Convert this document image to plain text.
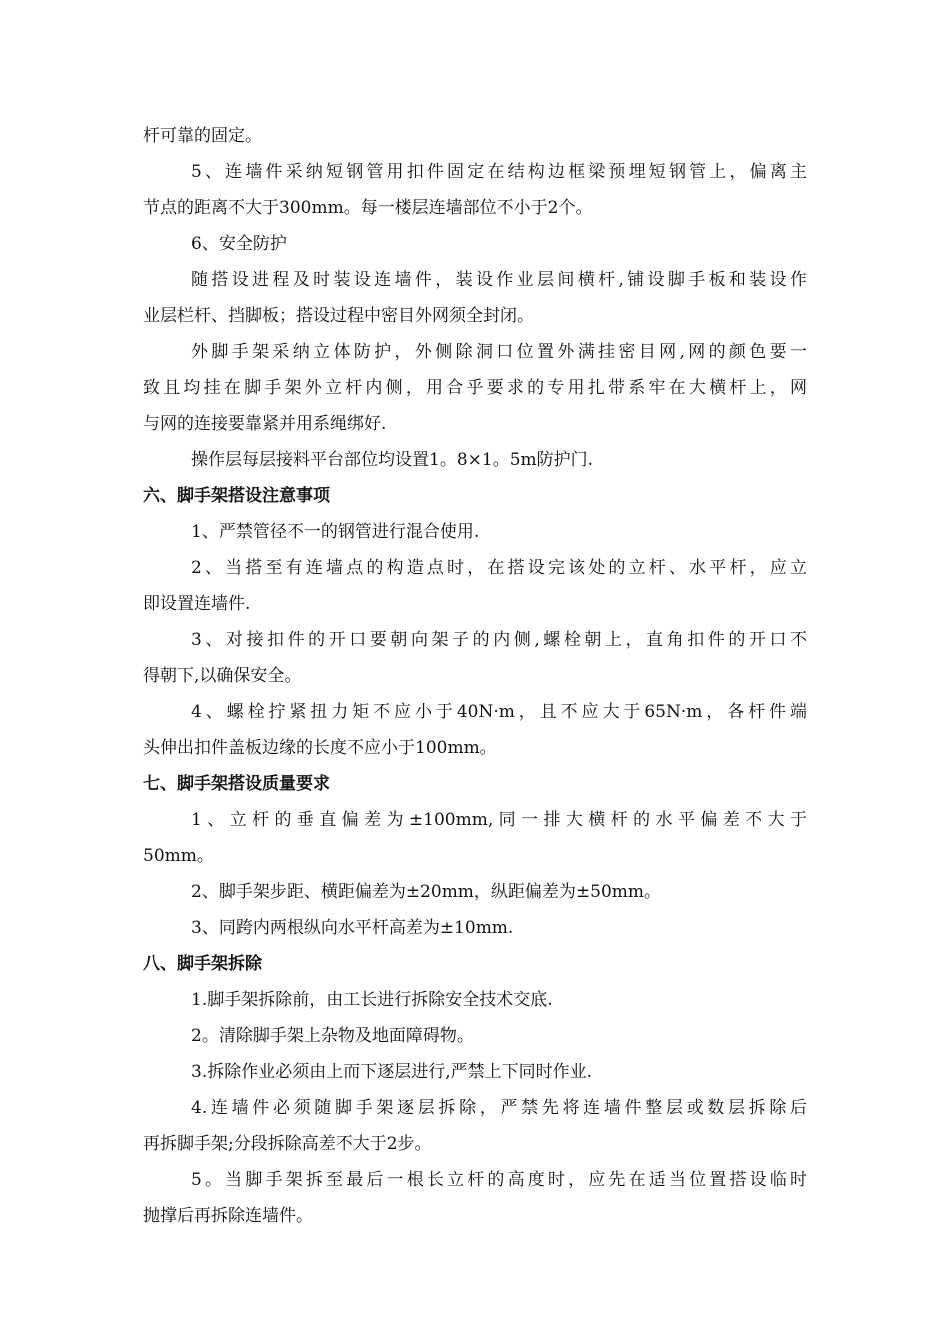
杆可靠的固定。
5、连墙件采纳短钢管用扣件固定在结构边框梁预埋短钢管上，偏离主
节点的距离不大于300mm。每一楼层连墙部位不小于2个。
6、安全防护
随搭设进程及时装设连墙件，装设作业层间横杆,铺设脚手板和装设作
业层栏杆、挡脚板；搭设过程中密目外网须全封闭。
外脚手架采纳立体防护，外侧除洞口位置外满挂密目网,网的颜色要一
致且均挂在脚手架外立杆内侧，用合乎要求的专用扎带系牢在大横杆上，网
与网的连接要靠紧并用系绳绑好.
操作层每层接料平台部位均设置1。8×1。5m防护门.
六、脚手架搭设注意事项
1、严禁管径不一的钢管进行混合使用.
2、当搭至有连墙点的构造点时，在搭设完该处的立杆、水平杆，应立
即设置连墙件.
3、对接扣件的开口要朝向架子的内侧,螺栓朝上，直角扣件的开口不
得朝下,以确保安全。
4、螺栓拧紧扭力矩不应小于40N·m，且不应大于65N·m，各杆件端
头伸出扣件盖板边缘的长度不应小于100mm。
七、脚手架搭设质量要求
1、立杆的垂直偏差为±100mm,同一排大横杆的水平偏差不大于
50mm。
2、脚手架步距、横距偏差为±20mm，纵距偏差为±50mm。
3、同跨内两根纵向水平杆高差为±10mm.
八、脚手架拆除
1.脚手架拆除前，由工长进行拆除安全技术交底.
2。清除脚手架上杂物及地面障碍物。
3.拆除作业必须由上而下逐层进行,严禁上下同时作业.
4.连墙件必须随脚手架逐层拆除，严禁先将连墙件整层或数层拆除后
再拆脚手架;分段拆除高差不大于2步。
5。当脚手架拆至最后一根长立杆的高度时，应先在适当位置搭设临时
抛撑后再拆除连墙件。
